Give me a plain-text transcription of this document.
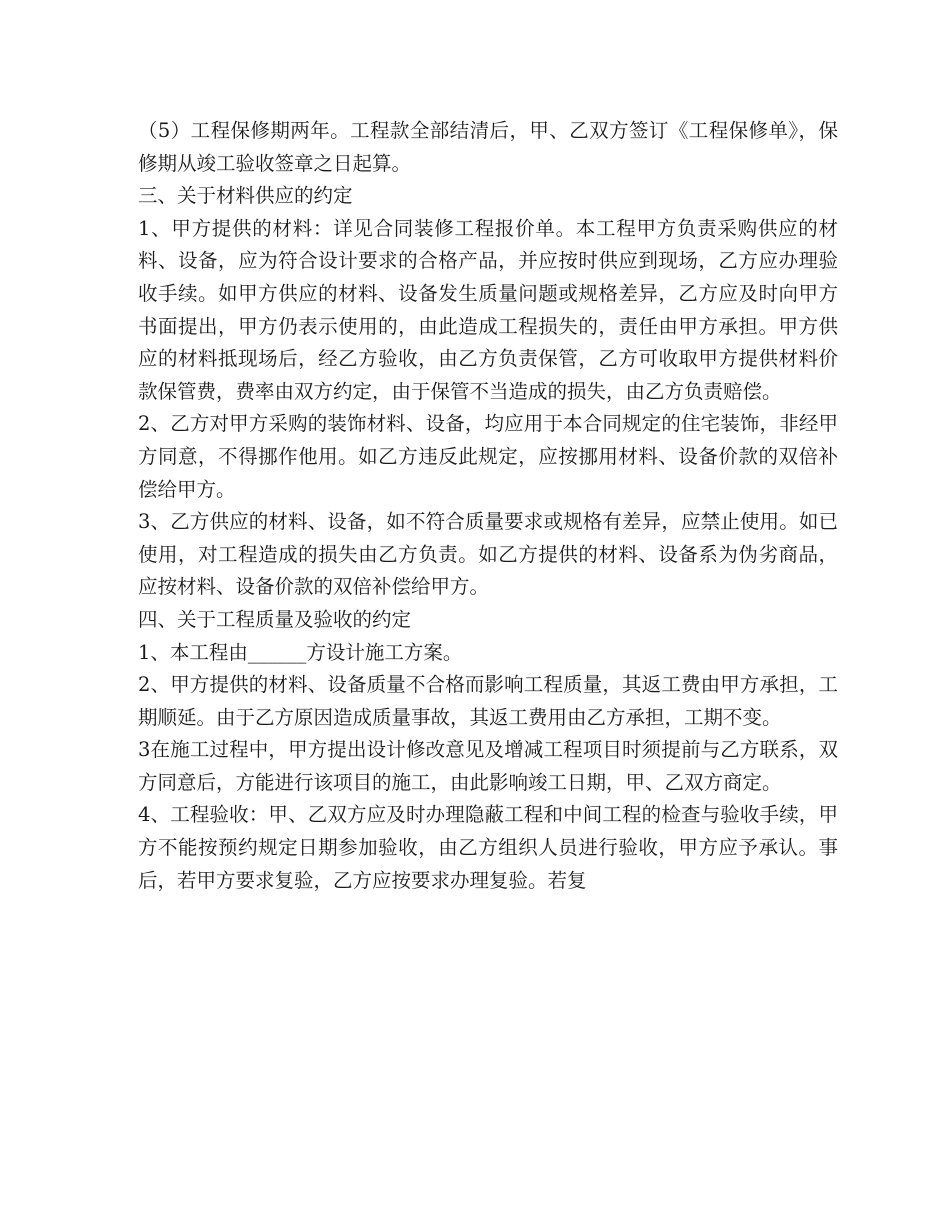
（5）工程保修期两年。工程款全部结清后，甲、乙双方签订《工程保修单》，保修期从竣工验收签章之日起算。

三、关于材料供应的约定

1、甲方提供的材料：详见合同装修工程报价单。本工程甲方负责采购供应的材料、设备，应为符合设计要求的合格产品，并应按时供应到现场，乙方应办理验收手续。如甲方供应的材料、设备发生质量问题或规格差异，乙方应及时向甲方书面提出，甲方仍表示使用的，由此造成工程损失的，责任由甲方承担。甲方供应的材料抵现场后，经乙方验收，由乙方负责保管，乙方可收取甲方提供材料价款保管费，费率由双方约定，由于保管不当造成的损失，由乙方负责赔偿。

2、乙方对甲方采购的装饰材料、设备，均应用于本合同规定的住宅装饰，非经甲方同意，不得挪作他用。如乙方违反此规定，应按挪用材料、设备价款的双倍补偿给甲方。

3、乙方供应的材料、设备，如不符合质量要求或规格有差异，应禁止使用。如已使用，对工程造成的损失由乙方负责。如乙方提供的材料、设备系为伪劣商品，应按材料、设备价款的双倍补偿给甲方。

四、关于工程质量及验收的约定

1、本工程由______方设计施工方案。

2、甲方提供的材料、设备质量不合格而影响工程质量，其返工费由甲方承担，工期顺延。由于乙方原因造成质量事故，其返工费用由乙方承担，工期不变。

3在施工过程中，甲方提出设计修改意见及增减工程项目时须提前与乙方联系，双方同意后，方能进行该项目的施工，由此影响竣工日期，甲、乙双方商定。

4、工程验收：甲、乙双方应及时办理隐蔽工程和中间工程的检查与验收手续，甲方不能按预约规定日期参加验收，由乙方组织人员进行验收，甲方应予承认。事后，若甲方要求复验，乙方应按要求办理复验。若复
